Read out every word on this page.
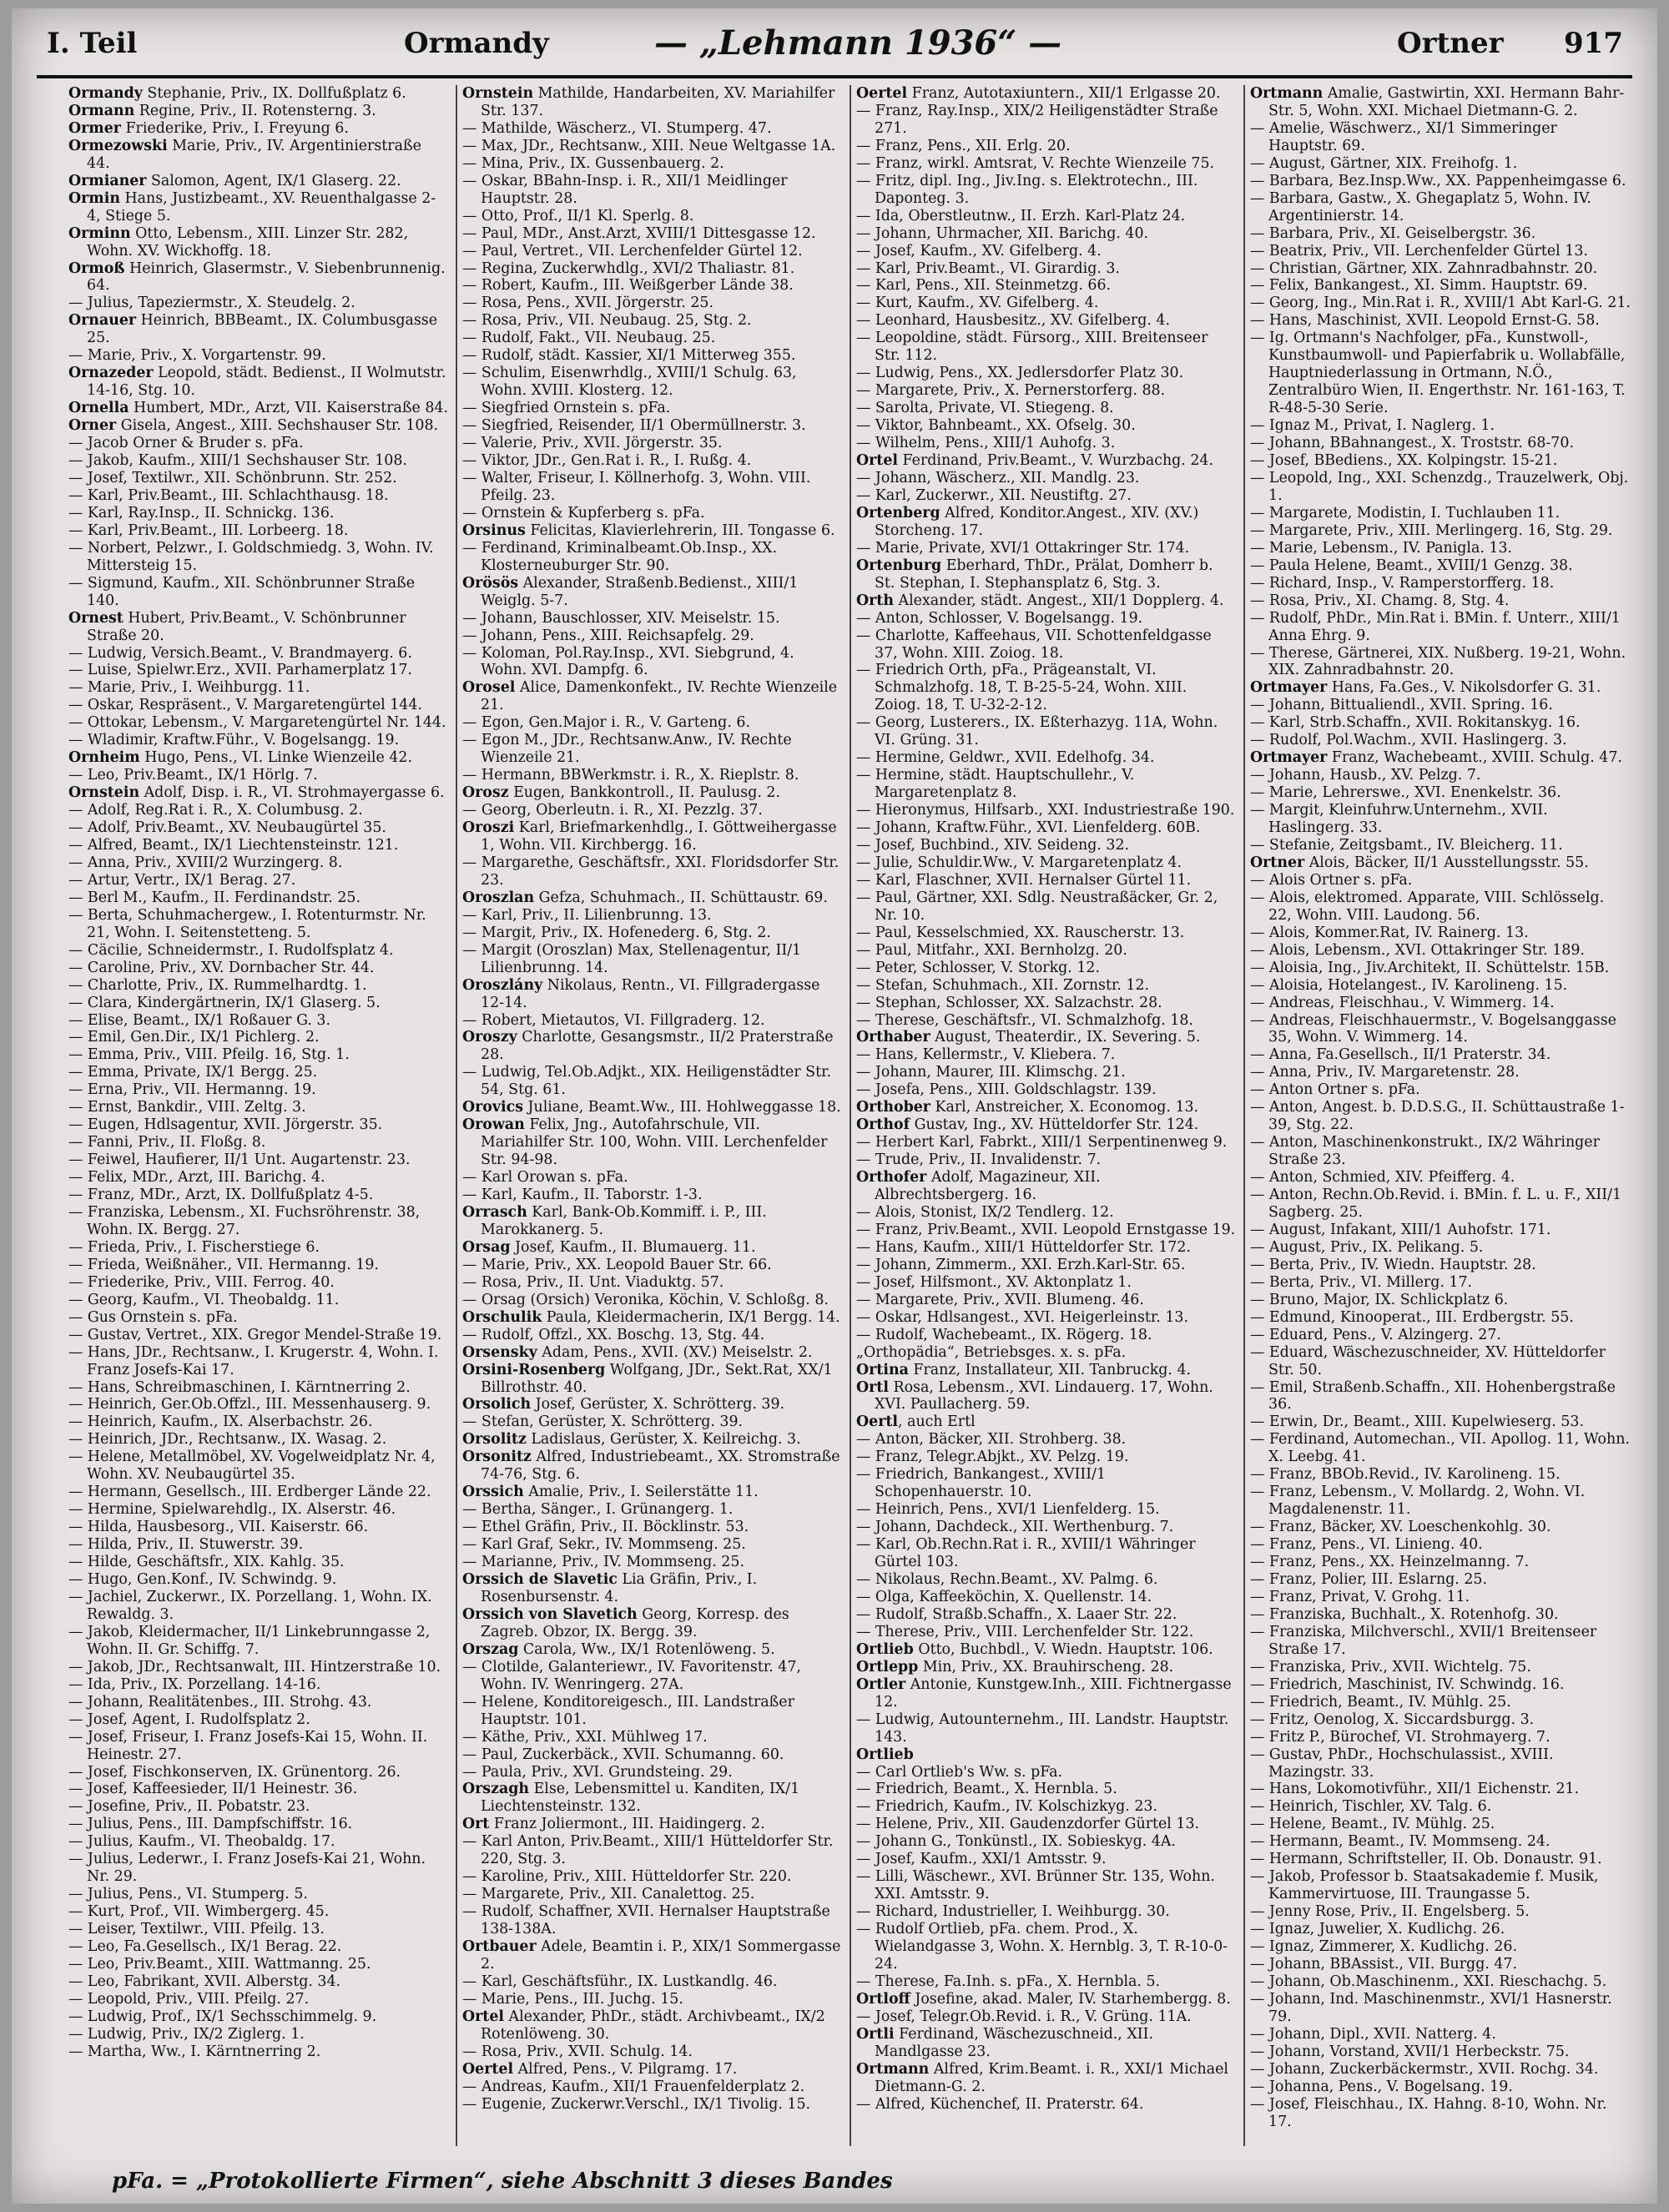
I. Teil	Ormandy	— „Lehmann 1936“ —	Ortner 917

Ormandy Stephanie, Priv., IX. Dollfußplatz 6.

Ormann Regine, Priv., II. Rotensterng. 3.

Ormer Friederike, Priv., I. Freyung 6.

Ormezowski Marie, Priv., IV. Argentinierstraße 44.

Ormianer Salomon, Agent, IX/1 Glaserg. 22.

Ormin Hans, Justizbeamt., XV. Reuenthalgasse 2-4, Stiege 5.

Orminn Otto, Lebensm., XIII. Linzer Str. 282, Wohn. XV. Wickhoffg. 18.

Ormoß Heinrich, Glasermstr., V. Siebenbrunnenig. 64.

— Julius, Tapeziermstr., X. Steudelg. 2.

Ornauer Heinrich, BBBeamt., IX. Columbusgasse 25.

— Marie, Priv., X. Vorgartenstr. 99.

Ornazeder Leopold, städt. Bedienst., II Wolmutstr. 14-16, Stg. 10.

Ornella Humbert, MDr., Arzt, VII. Kaiserstraße 84.

Orner Gisela, Angest., XIII. Sechshauser Str. 108.

— Jacob Orner & Bruder s. pFa.

— Jakob, Kaufm., XIII/1 Sechshauser Str. 108.

— Josef, Textilwr., XII. Schönbrunn. Str. 252.

— Karl, Priv.Beamt., III. Schlachthausg. 18.

— Karl, Ray.Insp., II. Schnickg. 136.

— Karl, Priv.Beamt., III. Lorbeerg. 18.

— Norbert, Pelzwr., I. Goldschmiedg. 3, Wohn. IV. Mittersteig 15.

— Sigmund, Kaufm., XII. Schönbrunner Straße 140.

Ornest Hubert, Priv.Beamt., V. Schönbrunner Straße 20.

— Ludwig, Versich.Beamt., V. Brandmayerg. 6.

— Luise, Spielwr.Erz., XVII. Parhamerplatz 17.

— Marie, Priv., I. Weihburgg. 11.

— Oskar, Respräsent., V. Margaretengürtel 144.

— Ottokar, Lebensm., V. Margaretengürtel Nr. 144.

— Wladimir, Kraftw.Führ., V. Bogelsangg. 19.

Ornheim Hugo, Pens., VI. Linke Wienzeile 42.

— Leo, Priv.Beamt., IX/1 Hörlg. 7.

Ornstein Adolf, Disp. i. R., VI. Strohmayergasse 6.

— Adolf, Reg.Rat i. R., X. Columbusg. 2.

— Adolf, Priv.Beamt., XV. Neubaugürtel 35.

— Alfred, Beamt., IX/1 Liechtensteinstr. 121.

— Anna, Priv., XVIII/2 Wurzingerg. 8.

— Artur, Vertr., IX/1 Berag. 27.

— Berl M., Kaufm., II. Ferdinandstr. 25.

— Berta, Schuhmachergew., I. Rotenturmstr. Nr. 21, Wohn. I. Seitenstetteng. 5.

— Cäcilie, Schneidermstr., I. Rudolfsplatz 4.

— Caroline, Priv., XV. Dornbacher Str. 44.

— Charlotte, Priv., IX. Rummelhardtg. 1.

— Clara, Kindergärtnerin, IX/1 Glaserg. 5.

— Elise, Beamt., IX/1 Roßauer G. 3.

— Emil, Gen.Dir., IX/1 Pichlerg. 2.

— Emma, Priv., VIII. Pfeilg. 16, Stg. 1.

— Emma, Private, IX/1 Bergg. 25.

— Erna, Priv., VII. Hermanng. 19.

— Ernst, Bankdir., VIII. Zeltg. 3.

— Eugen, Hdlsagentur, XVII. Jörgerstr. 35.

— Fanni, Priv., II. Floßg. 8.

— Feiwel, Haufierer, II/1 Unt. Augartenstr. 23.

— Felix, MDr., Arzt, III. Barichg. 4.

— Franz, MDr., Arzt, IX. Dollfußplatz 4-5.

— Franziska, Lebensm., XI. Fuchsröhrenstr. 38, Wohn. IX. Bergg. 27.

— Frieda, Priv., I. Fischerstiege 6.

— Frieda, Weißnäher., VII. Hermanng. 19.

— Friederike, Priv., VIII. Ferrog. 40.

— Georg, Kaufm., VI. Theobaldg. 11.

— Gus Ornstein s. pFa.

— Gustav, Vertret., XIX. Gregor Mendel-Straße 19.

— Hans, JDr., Rechtsanw., I. Krugerstr. 4, Wohn. I. Franz Josefs-Kai 17.

— Hans, Schreibmaschinen, I. Kärntnerring 2.

— Heinrich, Ger.Ob.Offzl., III. Messenhauserg. 9.

— Heinrich, Kaufm., IX. Alserbachstr. 26.

— Heinrich, JDr., Rechtsanw., IX. Wasag. 2.

— Helene, Metallmöbel, XV. Vogelweidplatz Nr. 4, Wohn. XV. Neubaugürtel 35.

— Hermann, Gesellsch., III. Erdberger Lände 22.

— Hermine, Spielwarehdlg., IX. Alserstr. 46.

— Hilda, Hausbesorg., VII. Kaiserstr. 66.

— Hilda, Priv., II. Stuwerstr. 39.

— Hilde, Geschäftsfr., XIX. Kahlg. 35.

— Hugo, Gen.Konf., IV. Schwindg. 9.

— Jachiel, Zuckerwr., IX. Porzellang. 1, Wohn. IX. Rewaldg. 3.

— Jakob, Kleidermacher, II/1 Linkebrunngasse 2, Wohn. II. Gr. Schiffg. 7.

— Jakob, JDr., Rechtsanwalt, III. Hintzerstraße 10.

— Ida, Priv., IX. Porzellang. 14-16.

— Johann, Realitätenbes., III. Strohg. 43.

— Josef, Agent, I. Rudolfsplatz 2.

— Josef, Friseur, I. Franz Josefs-Kai 15, Wohn. II. Heinestr. 27.

— Josef, Fischkonserven, IX. Grünentorg. 26.

— Josef, Kaffeesieder, II/1 Heinestr. 36.

— Josefine, Priv., II. Pobatstr. 23.

— Julius, Pens., III. Dampfschiffstr. 16.

— Julius, Kaufm., VI. Theobaldg. 17.

— Julius, Lederwr., I. Franz Josefs-Kai 21, Wohn. Nr. 29.

— Julius, Pens., VI. Stumperg. 5.

— Kurt, Prof., VII. Wimbergerg. 45.

— Leiser, Textilwr., VIII. Pfeilg. 13.

— Leo, Fa.Gesellsch., IX/1 Berag. 22.

— Leo, Priv.Beamt., XIII. Wattmanng. 25.

— Leo, Fabrikant, XVII. Alberstg. 34.

— Leopold, Priv., VIII. Pfeilg. 27.

— Ludwig, Prof., IX/1 Sechsschimmelg. 9.

— Ludwig, Priv., IX/2 Ziglerg. 1.

— Martha, Ww., I. Kärntnerring 2.

Ornstein Mathilde, Handarbeiten, XV. Mariahilfer Str. 137.

— Mathilde, Wäscherz., VI. Stumperg. 47.

— Max, JDr., Rechtsanw., XIII. Neue Weltgasse 1A.

— Mina, Priv., IX. Gussenbauerg. 2.

— Oskar, BBahn-Insp. i. R., XII/1 Meidlinger Hauptstr. 28.

— Otto, Prof., II/1 Kl. Sperlg. 8.

— Paul, MDr., Anst.Arzt, XVIII/1 Dittesgasse 12.

— Paul, Vertret., VII. Lerchenfelder Gürtel 12.

— Regina, Zuckerwhdlg., XVI/2 Thaliastr. 81.

— Robert, Kaufm., III. Weißgerber Lände 38.

— Rosa, Pens., XVII. Jörgerstr. 25.

— Rosa, Priv., VII. Neubaug. 25, Stg. 2.

— Rudolf, Fakt., VII. Neubaug. 25.

— Rudolf, städt. Kassier, XI/1 Mitterweg 355.

— Schulim, Eisenwrhdlg., XVIII/1 Schulg. 63, Wohn. XVIII. Klosterg. 12.

— Siegfried Ornstein s. pFa.

— Siegfried, Reisender, II/1 Obermüllnerstr. 3.

— Valerie, Priv., XVII. Jörgerstr. 35.

— Viktor, JDr., Gen.Rat i. R., I. Rußg. 4.

— Walter, Friseur, I. Köllnerhofg. 3, Wohn. VIII. Pfeilg. 23.

— Ornstein & Kupferberg s. pFa.

Orsinus Felicitas, Klavierlehrerin, III. Tongasse 6.

— Ferdinand, Kriminalbeamt.Ob.Insp., XX. Klosterneuburger Str. 90.

Orösös Alexander, Straßenb.Bedienst., XIII/1 Weiglg. 5-7.

— Johann, Bauschlosser, XIV. Meiselstr. 15.

— Johann, Pens., XIII. Reichsapfelg. 29.

— Koloman, Pol.Ray.Insp., XVI. Siebgrund, 4. Wohn. XVI. Dampfg. 6.

Orosel Alice, Damenkonfekt., IV. Rechte Wienzeile 21.

— Egon, Gen.Major i. R., V. Garteng. 6.

— Egon M., JDr., Rechtsanw.Anw., IV. Rechte Wienzeile 21.

— Hermann, BBWerkmstr. i. R., X. Rieplstr. 8.

Orosz Eugen, Bankkontroll., II. Paulusg. 2.

— Georg, Oberleutn. i. R., XI. Pezzlg. 37.

Oroszi Karl, Briefmarkenhdlg., I. Göttweihergasse 1, Wohn. VII. Kirchbergg. 16.

— Margarethe, Geschäftsfr., XXI. Floridsdorfer Str. 23.

Oroszlan Gefza, Schuhmach., II. Schüttaustr. 69.

— Karl, Priv., II. Lilienbrunng. 13.

— Margit, Priv., IX. Hofenederg. 6, Stg. 2.

— Margit (Oroszlan) Max, Stellenagentur, II/1 Lilienbrunng. 14.

Oroszlány Nikolaus, Rentn., VI. Fillgradergasse 12-14.

— Robert, Mietautos, VI. Fillgraderg. 12.

Oroszy Charlotte, Gesangsmstr., II/2 Praterstraße 28.

— Ludwig, Tel.Ob.Adjkt., XIX. Heiligenstädter Str. 54, Stg. 61.

Orovics Juliane, Beamt.Ww., III. Hohlweggasse 18.

Orowan Felix, Jng., Autofahrschule, VII. Mariahilfer Str. 100, Wohn. VIII. Lerchenfelder Str. 94-98.

— Karl Orowan s. pFa.

— Karl, Kaufm., II. Taborstr. 1-3.

Orrasch Karl, Bank-Ob.Kommiff. i. P., III. Marokkanerg. 5.

Orsag Josef, Kaufm., II. Blumauerg. 11.

— Marie, Priv., XX. Leopold Bauer Str. 66.

— Rosa, Priv., II. Unt. Viaduktg. 57.

— Orsag (Orsich) Veronika, Köchin, V. Schloßg. 8.

Orschulik Paula, Kleidermacherin, IX/1 Bergg. 14.

— Rudolf, Offzl., XX. Boschg. 13, Stg. 44.

Orsensky Adam, Pens., XVII. (XV.) Meiselstr. 2.

Orsini-Rosenberg Wolfgang, JDr., Sekt.Rat, XX/1 Billrothstr. 40.

Orsolich Josef, Gerüster, X. Schrötterg. 39.

— Stefan, Gerüster, X. Schrötterg. 39.

Orsolitz Ladislaus, Gerüster, X. Keilreichg. 3.

Orsonitz Alfred, Industriebeamt., XX. Stromstraße 74-76, Stg. 6.

Orssich Amalie, Priv., I. Seilerstätte 11.

— Bertha, Sänger., I. Grünangerg. 1.

— Ethel Gräfin, Priv., II. Böcklinstr. 53.

— Karl Graf, Sekr., IV. Mommseng. 25.

— Marianne, Priv., IV. Mommseng. 25.

Orssich de Slavetic Lia Gräfin, Priv., I. Rosenbursenstr. 4.

Orssich von Slavetich Georg, Korresp. des Zagreb. Obzor, IX. Bergg. 39.

Orszag Carola, Ww., IX/1 Rotenlöweng. 5.

— Clotilde, Galanteriewr., IV. Favoritenstr. 47, Wohn. IV. Wenringerg. 27A.

— Helene, Konditoreigesch., III. Landstraßer Hauptstr. 101.

— Käthe, Priv., XXI. Mühlweg 17.

— Paul, Zuckerbäck., XVII. Schumanng. 60.

— Paula, Priv., XVI. Grundsteing. 29.

Orszagh Else, Lebensmittel u. Kanditen, IX/1 Liechtensteinstr. 132.

Ort Franz Joliermont., III. Haidingerg. 2.

— Karl Anton, Priv.Beamt., XIII/1 Hütteldorfer Str. 220, Stg. 3.

— Karoline, Priv., XIII. Hütteldorfer Str. 220.

— Margarete, Priv., XII. Canalettog. 25.

— Rudolf, Schaffner, XVII. Hernalser Hauptstraße 138-138A.

Ortbauer Adele, Beamtin i. P., XIX/1 Sommergasse 2.

— Karl, Geschäftsführ., IX. Lustkandlg. 46.

— Marie, Pens., III. Juchg. 15.

Ortel Alexander, PhDr., städt. Archivbeamt., IX/2 Rotenlöweng. 30.

— Rosa, Priv., XVII. Schulg. 14.

Oertel Alfred, Pens., V. Pilgramg. 17.

— Andreas, Kaufm., XII/1 Frauenfelderplatz 2.

— Eugenie, Zuckerwr.Verschl., IX/1 Tivolig. 15.

Oertel Franz, Autotaxiuntern., XII/1 Erlgasse 20.

— Franz, Ray.Insp., XIX/2 Heiligenstädter Straße 271.

— Franz, Pens., XII. Erlg. 20.

— Franz, wirkl. Amtsrat, V. Rechte Wienzeile 75.

— Fritz, dipl. Ing., Jiv.Ing. s. Elektrotechn., III. Daponteg. 3.

— Ida, Oberstleutnw., II. Erzh. Karl-Platz 24.

— Johann, Uhrmacher, XII. Barichg. 40.

— Josef, Kaufm., XV. Gifelberg. 4.

— Karl, Priv.Beamt., VI. Girardig. 3.

— Karl, Pens., XII. Steinmetzg. 66.

— Kurt, Kaufm., XV. Gifelberg. 4.

— Leonhard, Hausbesitz., XV. Gifelberg. 4.

— Leopoldine, städt. Fürsorg., XIII. Breitenseer Str. 112.

— Ludwig, Pens., XX. Jedlersdorfer Platz 30.

— Margarete, Priv., X. Pernerstorferg. 88.

— Sarolta, Private, VI. Stiegeng. 8.

— Viktor, Bahnbeamt., XX. Ofselg. 30.

— Wilhelm, Pens., XIII/1 Auhofg. 3.

Ortel Ferdinand, Priv.Beamt., V. Wurzbachg. 24.

— Johann, Wäscherz., XII. Mandlg. 23.

— Karl, Zuckerwr., XII. Neustiftg. 27.

Ortenberg Alfred, Konditor.Angest., XIV. (XV.) Storcheng. 17.

— Marie, Private, XVI/1 Ottakringer Str. 174.

Ortenburg Eberhard, ThDr., Prälat, Domherr b. St. Stephan, I. Stephansplatz 6, Stg. 3.

Orth Alexander, städt. Angest., XII/1 Dopplerg. 4.

— Anton, Schlosser, V. Bogelsangg. 19.

— Charlotte, Kaffeehaus, VII. Schottenfeldgasse 37, Wohn. XIII. Zoiog. 18.

— Friedrich Orth, pFa., Prägeanstalt, VI. Schmalzhofg. 18, T. B-25-5-24, Wohn. XIII. Zoiog. 18, T. U-32-2-12.

— Georg, Lusterers., IX. Eßterhazyg. 11A, Wohn. VI. Grüng. 31.

— Hermine, Geldwr., XVII. Edelhofg. 34.

— Hermine, städt. Hauptschullehr., V. Margaretenplatz 8.

— Hieronymus, Hilfsarb., XXI. Industriestraße 190.

— Johann, Kraftw.Führ., XVI. Lienfelderg. 60B.

— Josef, Buchbind., XIV. Seideng. 32.

— Julie, Schuldir.Ww., V. Margaretenplatz 4.

— Karl, Flaschner, XVII. Hernalser Gürtel 11.

— Paul, Gärtner, XXI. Sdlg. Neustraßäcker, Gr. 2, Nr. 10.

— Paul, Kesselschmied, XX. Rauscherstr. 13.

— Paul, Mitfahr., XXI. Bernholzg. 20.

— Peter, Schlosser, V. Storkg. 12.

— Stefan, Schuhmach., XII. Zornstr. 12.

— Stephan, Schlosser, XX. Salzachstr. 28.

— Therese, Geschäftsfr., VI. Schmalzhofg. 18.

Orthaber August, Theaterdir., IX. Severing. 5.

— Hans, Kellermstr., V. Kliebera. 7.

— Johann, Maurer, III. Klimschg. 21.

— Josefa, Pens., XIII. Goldschlagstr. 139.

Orthober Karl, Anstreicher, X. Economog. 13.

Orthof Gustav, Ing., XV. Hütteldorfer Str. 124.

— Herbert Karl, Fabrkt., XIII/1 Serpentinenweg 9.

— Trude, Priv., II. Invalidenstr. 7.

Orthofer Adolf, Magazineur, XII. Albrechtsbergerg. 16.

— Alois, Stonist, IX/2 Tendlerg. 12.

— Franz, Priv.Beamt., XVII. Leopold Ernstgasse 19.

— Hans, Kaufm., XIII/1 Hütteldorfer Str. 172.

— Johann, Zimmerm., XXI. Erzh.Karl-Str. 65.

— Josef, Hilfsmont., XV. Aktonplatz 1.

— Margarete, Priv., XVII. Blumeng. 46.

— Oskar, Hdlsangest., XVI. Heigerleinstr. 13.

— Rudolf, Wachebeamt., IX. Rögerg. 18.

„Orthopädia“, Betriebsges. x. s. pFa.

Ortina Franz, Installateur, XII. Tanbruckg. 4.

Ortl Rosa, Lebensm., XVI. Lindauerg. 17, Wohn. XVI. Paullacherg. 59.

Oertl, auch Ertl

— Anton, Bäcker, XII. Strohberg. 38.

— Franz, Telegr.Abjkt., XV. Pelzg. 19.

— Friedrich, Bankangest., XVIII/1 Schopenhauerstr. 10.

— Heinrich, Pens., XVI/1 Lienfelderg. 15.

— Johann, Dachdeck., XII. Werthenburg. 7.

— Karl, Ob.Rechn.Rat i. R., XVIII/1 Währinger Gürtel 103.

— Nikolaus, Rechn.Beamt., XV. Palmg. 6.

— Olga, Kaffeeköchin, X. Quellenstr. 14.

— Rudolf, Straßb.Schaffn., X. Laaer Str. 22.

— Therese, Priv., VIII. Lerchenfelder Str. 122.

Ortlieb Otto, Buchbdl., V. Wiedn. Hauptstr. 106.

Ortlepp Min, Priv., XX. Brauhirscheng. 28.

Ortler Antonie, Kunstgew.Inh., XIII. Fichtnergasse 12.

— Ludwig, Autounternehm., III. Landstr. Hauptstr. 143.

Ortlieb

— Carl Ortlieb's Ww. s. pFa.

— Friedrich, Beamt., X. Hernbla. 5.

— Friedrich, Kaufm., IV. Kolschizkyg. 23.

— Helene, Priv., XII. Gaudenzdorfer Gürtel 13.

— Johann G., Tonkünstl., IX. Sobieskyg. 4A.

— Josef, Kaufm., XXI/1 Amtsstr. 9.

— Lilli, Wäschewr., XVI. Brünner Str. 135, Wohn. XXI. Amtsstr. 9.

— Richard, Industrieller, I. Weihburgg. 30.

— Rudolf Ortlieb, pFa. chem. Prod., X. Wielandgasse 3, Wohn. X. Hernblg. 3, T. R-10-0-24.

— Therese, Fa.Inh. s. pFa., X. Hernbla. 5.

Ortloff Josefine, akad. Maler, IV. Starhembergg. 8.

— Josef, Telegr.Ob.Revid. i. R., V. Grüng. 11A.

Ortli Ferdinand, Wäschezuschneid., XII. Mandlgasse 23.

Ortmann Alfred, Krim.Beamt. i. R., XXI/1 Michael Dietmann-G. 2.

— Alfred, Küchenchef, II. Praterstr. 64.

Ortmann Amalie, Gastwirtin, XXI. Hermann Bahr-Str. 5, Wohn. XXI. Michael Dietmann-G. 2.

— Amelie, Wäschwerz., XI/1 Simmeringer Hauptstr. 69.

— August, Gärtner, XIX. Freihofg. 1.

— Barbara, Bez.Insp.Ww., XX. Pappenheimgasse 6.

— Barbara, Gastw., X. Ghegaplatz 5, Wohn. IV. Argentinierstr. 14.

— Barbara, Priv., XI. Geiselbergstr. 36.

— Beatrix, Priv., VII. Lerchenfelder Gürtel 13.

— Christian, Gärtner, XIX. Zahnradbahnstr. 20.

— Felix, Bankangest., XI. Simm. Hauptstr. 69.

— Georg, Ing., Min.Rat i. R., XVIII/1 Abt Karl-G. 21.

— Hans, Maschinist, XVII. Leopold Ernst-G. 58.

— Ig. Ortmann's Nachfolger, pFa., Kunstwoll-, Kunstbaumwoll- und Papierfabrik u. Wollabfälle, Hauptniederlassung in Ortmann, N.Ö., Zentralbüro Wien, II. Engerthstr. Nr. 161-163, T. R-48-5-30 Serie.

— Ignaz M., Privat, I. Naglerg. 1.

— Johann, BBahnangest., X. Troststr. 68-70.

— Josef, BBediens., XX. Kolpingstr. 15-21.

— Leopold, Ing., XXI. Schenzdg., Trauzelwerk, Obj. 1.

— Margarete, Modistin, I. Tuchlauben 11.

— Margarete, Priv., XIII. Merlingerg. 16, Stg. 29.

— Marie, Lebensm., IV. Panigla. 13.

— Paula Helene, Beamt., XVIII/1 Genzg. 38.

— Richard, Insp., V. Ramperstorfferg. 18.

— Rosa, Priv., XI. Chamg. 8, Stg. 4.

— Rudolf, PhDr., Min.Rat i. BMin. f. Unterr., XIII/1 Anna Ehrg. 9.

— Therese, Gärtnerei, XIX. Nußberg. 19-21, Wohn. XIX. Zahnradbahnstr. 20.

Ortmayer Hans, Fa.Ges., V. Nikolsdorfer G. 31.

— Johann, Bittualiendl., XVII. Spring. 16.

— Karl, Strb.Schaffn., XVII. Rokitanskyg. 16.

— Rudolf, Pol.Wachm., XVII. Haslingerg. 3.

Ortmayer Franz, Wachebeamt., XVIII. Schulg. 47.

— Johann, Hausb., XV. Pelzg. 7.

— Marie, Lehrerswe., XVI. Enenkelstr. 36.

— Margit, Kleinfuhrw.Unternehm., XVII. Haslingerg. 33.

— Stefanie, Zeitgsbamt., IV. Bleicherg. 11.

Ortner Alois, Bäcker, II/1 Ausstellungsstr. 55.

— Alois Ortner s. pFa.

— Alois, elektromed. Apparate, VIII. Schlösselg. 22, Wohn. VIII. Laudong. 56.

— Alois, Kommer.Rat, IV. Rainerg. 13.

— Alois, Lebensm., XVI. Ottakringer Str. 189.

— Aloisia, Ing., Jiv.Architekt, II. Schüttelstr. 15B.

— Aloisia, Hotelangest., IV. Karolineng. 15.

— Andreas, Fleischhau., V. Wimmerg. 14.

— Andreas, Fleischhauermstr., V. Bogelsanggasse 35, Wohn. V. Wimmerg. 14.

— Anna, Fa.Gesellsch., II/1 Praterstr. 34.

— Anna, Priv., IV. Margaretenstr. 28.

— Anton Ortner s. pFa.

— Anton, Angest. b. D.D.S.G., II. Schüttaustraße 1-39, Stg. 22.

— Anton, Maschinenkonstrukt., IX/2 Währinger Straße 23.

— Anton, Schmied, XIV. Pfeifferg. 4.

— Anton, Rechn.Ob.Revid. i. BMin. f. L. u. F., XII/1 Sagberg. 25.

— August, Infakant, XIII/1 Auhofstr. 171.

— August, Priv., IX. Pelikang. 5.

— Berta, Priv., IV. Wiedn. Hauptstr. 28.

— Berta, Priv., VI. Millerg. 17.

— Bruno, Major, IX. Schlickplatz 6.

— Edmund, Kinooperat., III. Erdbergstr. 55.

— Eduard, Pens., V. Alzingerg. 27.

— Eduard, Wäschezuschneider, XV. Hütteldorfer Str. 50.

— Emil, Straßenb.Schaffn., XII. Hohenbergstraße 36.

— Erwin, Dr., Beamt., XIII. Kupelwieserg. 53.

— Ferdinand, Automechan., VII. Apollog. 11, Wohn. X. Leebg. 41.

— Franz, BBOb.Revid., IV. Karolineng. 15.

— Franz, Lebensm., V. Mollardg. 2, Wohn. VI. Magdalenenstr. 11.

— Franz, Bäcker, XV. Loeschenkohlg. 30.

— Franz, Pens., VI. Linieng. 40.

— Franz, Pens., XX. Heinzelmanng. 7.

— Franz, Polier, III. Eslarng. 25.

— Franz, Privat, V. Grohg. 11.

— Franziska, Buchhalt., X. Rotenhofg. 30.

— Franziska, Milchverschl., XVII/1 Breitenseer Straße 17.

— Franziska, Priv., XVII. Wichtelg. 75.

— Friedrich, Maschinist, IV. Schwindg. 16.

— Friedrich, Beamt., IV. Mühlg. 25.

— Fritz, Oenolog, X. Siccardsburgg. 3.

— Fritz P., Bürochef, VI. Strohmayerg. 7.

— Gustav, PhDr., Hochschulassist., XVIII. Mazingstr. 33.

— Hans, Lokomotivführ., XII/1 Eichenstr. 21.

— Heinrich, Tischler, XV. Talg. 6.

— Helene, Beamt., IV. Mühlg. 25.

— Hermann, Beamt., IV. Mommseng. 24.

— Hermann, Schriftsteller, II. Ob. Donaustr. 91.

— Jakob, Professor b. Staatsakademie f. Musik, Kammervirtuose, III. Traungasse 5.

— Jenny Rose, Priv., II. Engelsberg. 5.

— Ignaz, Juwelier, X. Kudlichg. 26.

— Ignaz, Zimmerer, X. Kudlichg. 26.

— Johann, BBAssist., VII. Burgg. 47.

— Johann, Ob.Maschinenm., XXI. Rieschachg. 5.

— Johann, Ind. Maschinenmstr., XVI/1 Hasnerstr. 79.

— Johann, Dipl., XVII. Natterg. 4.

— Johann, Vorstand, XVII/1 Herbeckstr. 75.

— Johann, Zuckerbäckermstr., XVII. Rochg. 34.

— Johanna, Pens., V. Bogelsang. 19.

— Josef, Fleischhau., IX. Hahng. 8-10, Wohn. Nr. 17.

pFa. = „Protokollierte Firmen“, siehe Abschnitt 3 dieses Bandes
